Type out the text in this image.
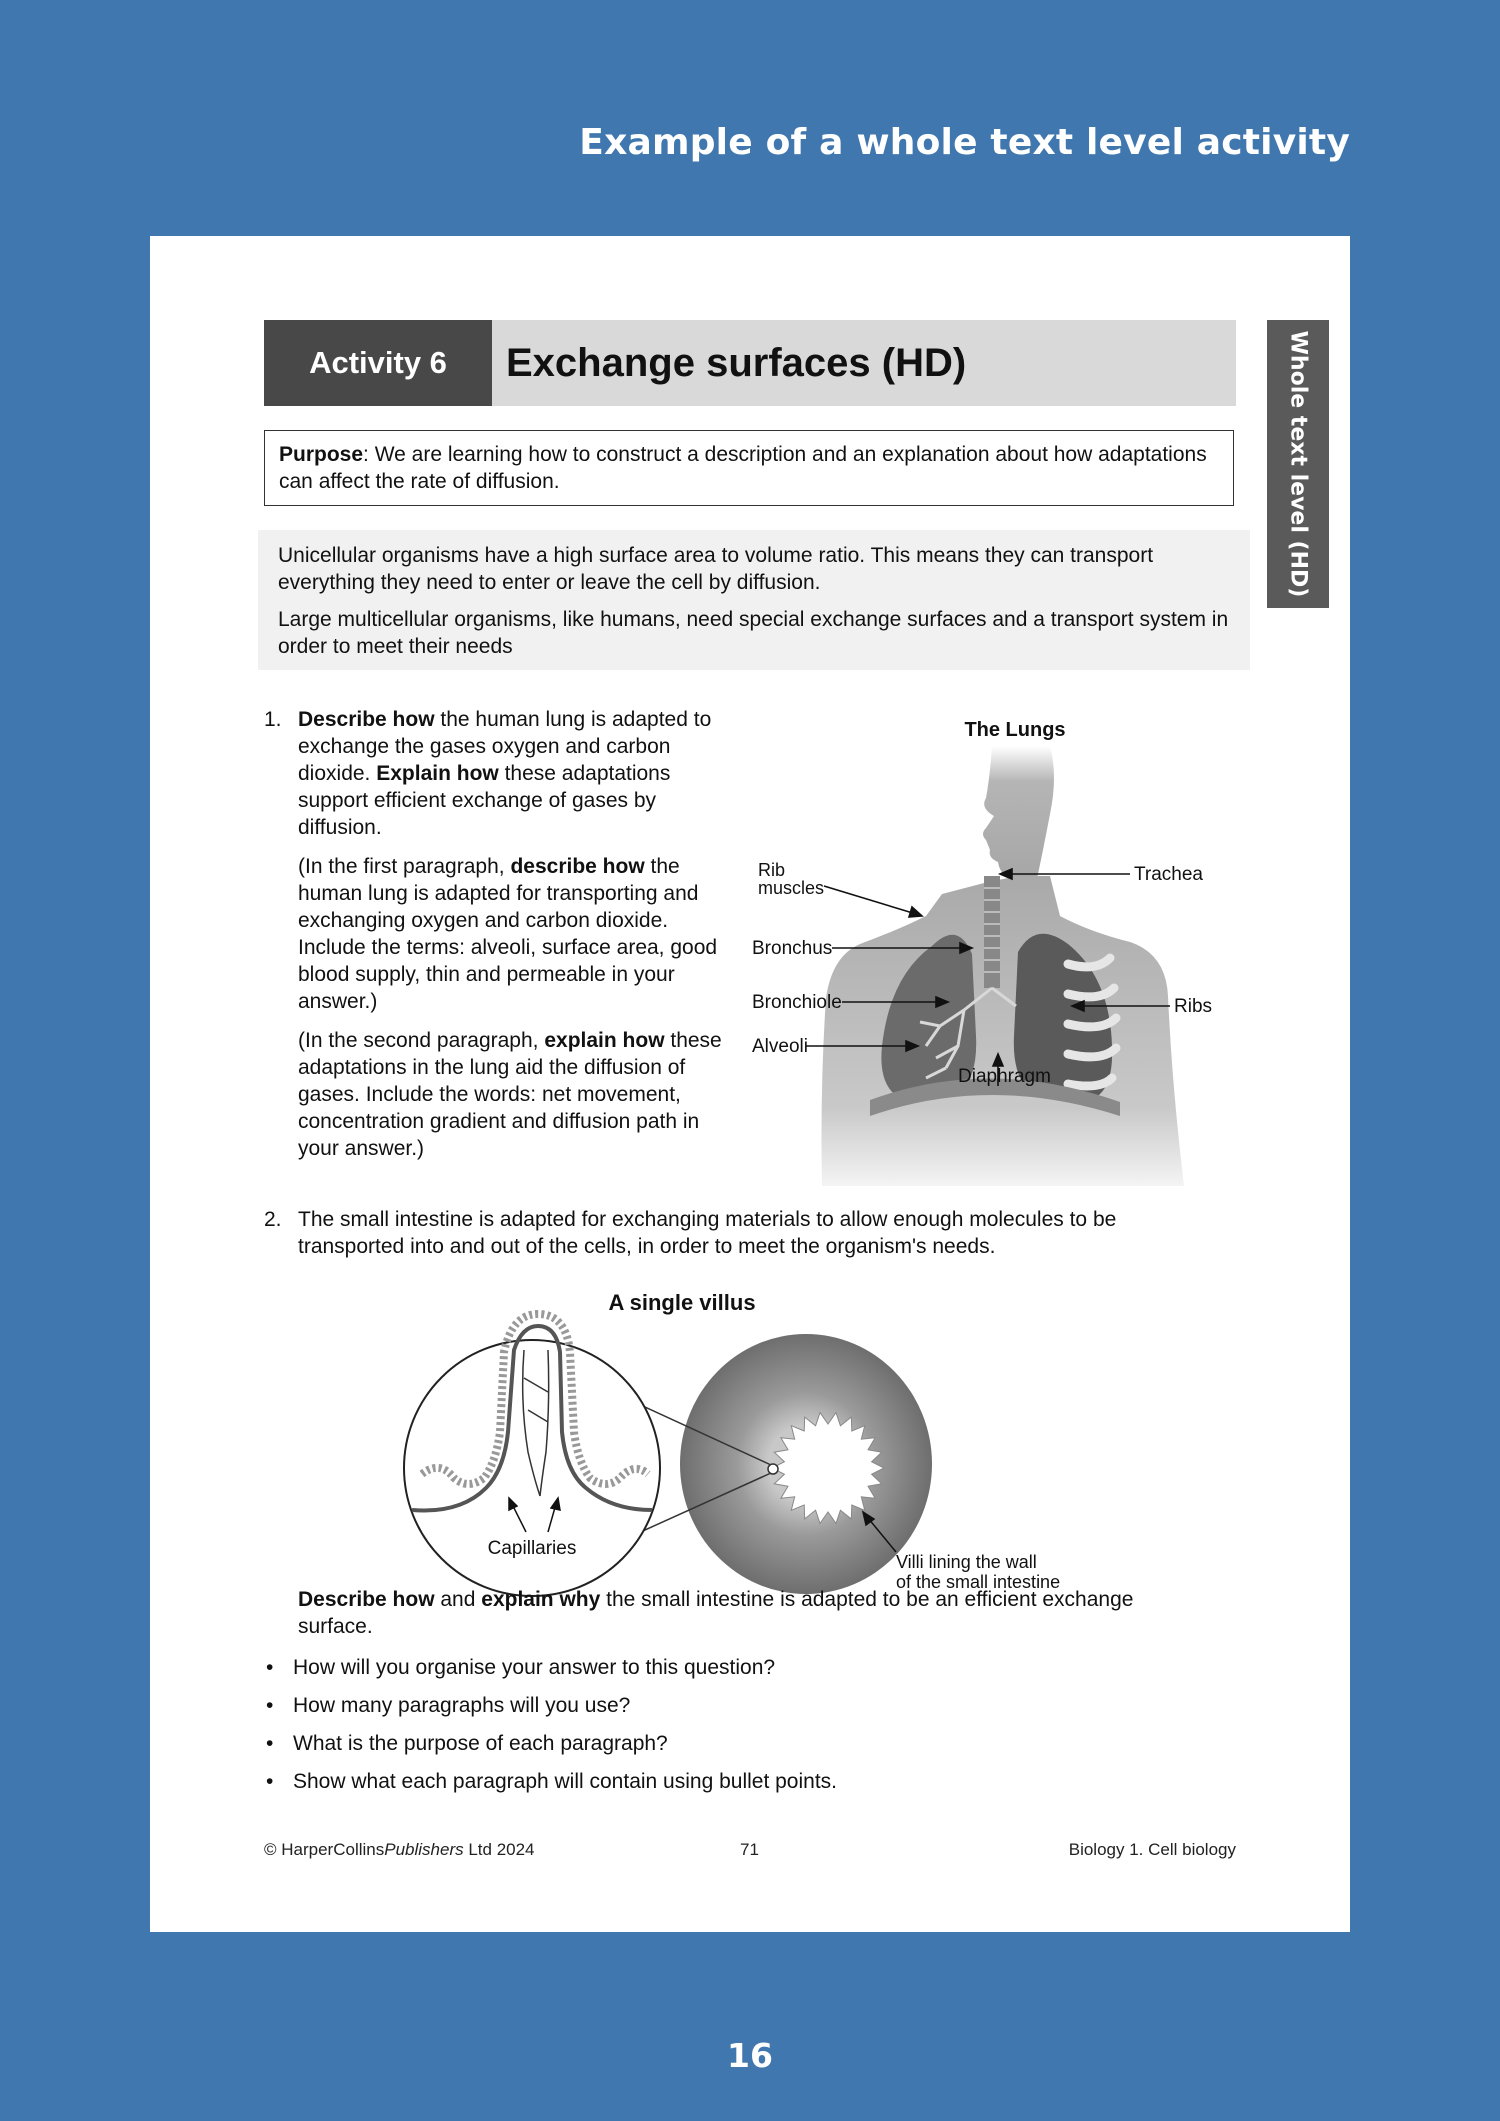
Example of a whole text level activity
Whole text level (HD)
Activity 6	Exchange surfaces (HD)
Purpose: We are learning how to construct a description and an explanation about how adaptations can affect the rate of diffusion.

Unicellular organisms have a high surface area to volume ratio. This means they can transport everything they need to enter or leave the cell by diffusion.

Large multicellular organisms, like humans, need special exchange surfaces and a transport system in order to meet their needs

1. Describe how the human lung is adapted to exchange the gases oxygen and carbon dioxide. Explain how these adaptations support efficient exchange of gases by diffusion.

(In the first paragraph, describe how the human lung is adapted for transporting and exchanging oxygen and carbon dioxide. Include the terms: alveoli, surface area, good blood supply, thin and permeable in your answer.)

(In the second paragraph, explain how these adaptations in the lung aid the diffusion of gases. Include the words: net movement, concentration gradient and diffusion path in your answer.)

The Lungs
Rib
muscles
Bronchus
Bronchiole
Alveoli
Trachea
Ribs
Diaphragm
2. The small intestine is adapted for exchanging materials to allow enough molecules to be transported into and out of the cells, in order to meet the organism's needs.
A single villus
Capillaries
Villi lining the wall
of the small intestine
Describe how and explain why the small intestine is adapted to be an efficient exchange surface.
• How will you organise your answer to this question?
• How many paragraphs will you use?
• What is the purpose of each paragraph?
• Show what each paragraph will contain using bullet points.
© HarperCollinsPublishers Ltd 2024	71	Biology 1. Cell biology
16
